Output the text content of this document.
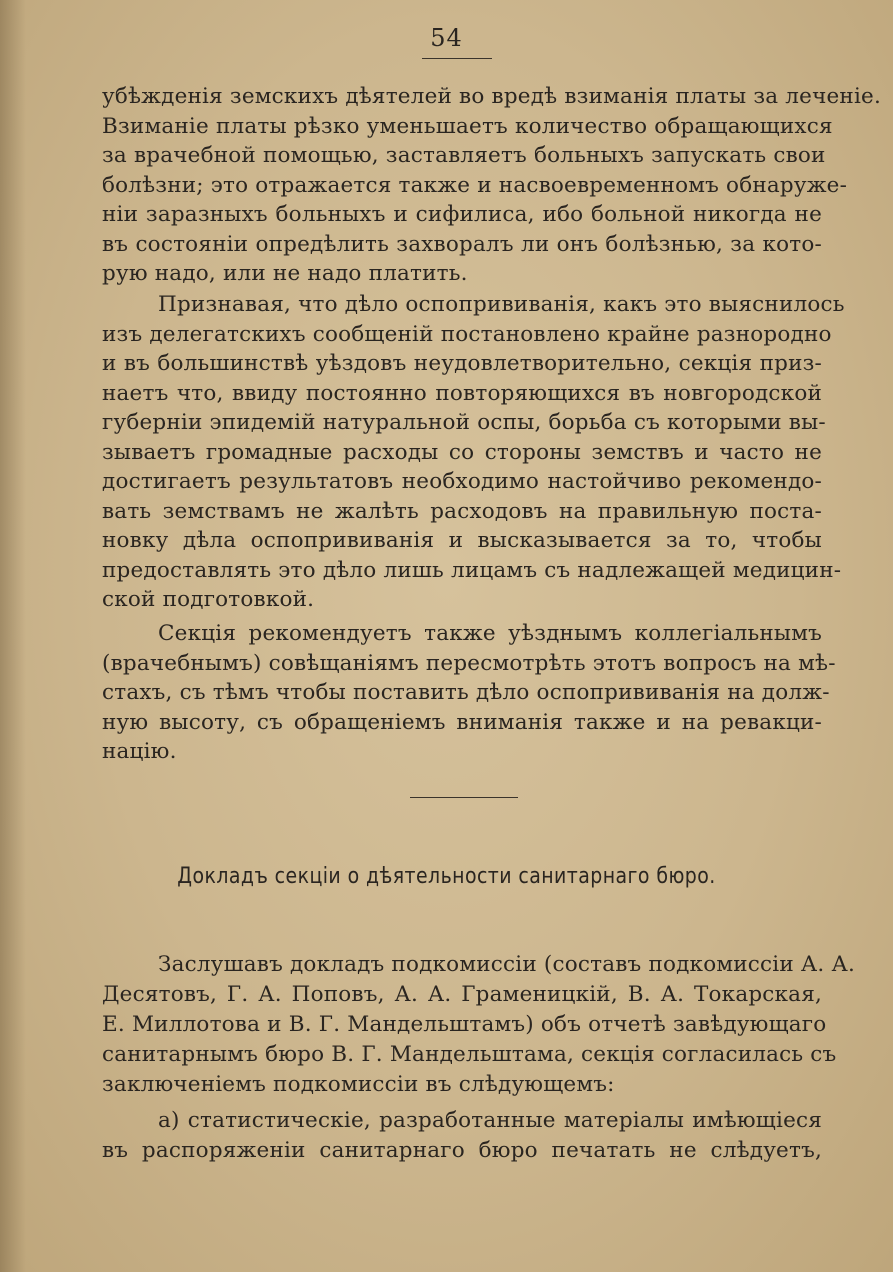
54
убѣжденія земскихъ дѣятелей во вредѣ взиманія платы за леченіе.
Взиманіе платы рѣзко уменьшаетъ количество обращающихся
за врачебной помощью, заставляетъ больныхъ запускать свои
болѣзни; это отражается также и насвоевременномъ обнаруже-
ніи заразныхъ больныхъ и сифилиса, ибо больной никогда не
въ состояніи опредѣлить захворалъ ли онъ болѣзнью, за кото-
рую надо, или не надо платить.
Признавая, что дѣло оспопрививанія, какъ это выяснилось
изъ делегатскихъ сообщеній постановлено крайне разнородно
и въ большинствѣ уѣздовъ неудовлетворительно, секція приз-
наетъ что, ввиду постоянно повторяющихся въ новгородской
губерніи эпидемій натуральной оспы, борьба съ которыми вы-
зываетъ громадные расходы со стороны земствъ и часто не
достигаетъ результатовъ необходимо настойчиво рекомендо-
вать земствамъ не жалѣть расходовъ на правильную поста-
новку дѣла оспопрививанія и высказывается за то, чтобы
предоставлять это дѣло лишь лицамъ съ надлежащей медицин-
ской подготовкой.
Секція рекомендуетъ также уѣзднымъ коллегіальнымъ
(врачебнымъ) совѣщаніямъ пересмотрѣть этотъ вопросъ на мѣ-
стахъ, съ тѣмъ чтобы поставить дѣло оспопрививанія на долж-
ную высоту, съ обращеніемъ вниманія также и на ревакци-
націю.
Докладъ секціи о дѣятельности санитарнаго бюро.
Заслушавъ докладъ подкомиссіи (составъ подкомиссіи А. А.
Десятовъ, Г. А. Поповъ, А. А. Граменицкій, В. А. Токарская,
Е. Миллотова и В. Г. Мандельштамъ) объ отчетѣ завѣдующаго
санитарнымъ бюро В. Г. Мандельштама, секція согласилась съ
заключеніемъ подкомиссіи въ слѣдующемъ:
а) статистическіе, разработанные матеріалы имѣющіеся
въ распоряженіи санитарнаго бюро печатать не слѣдуетъ,
